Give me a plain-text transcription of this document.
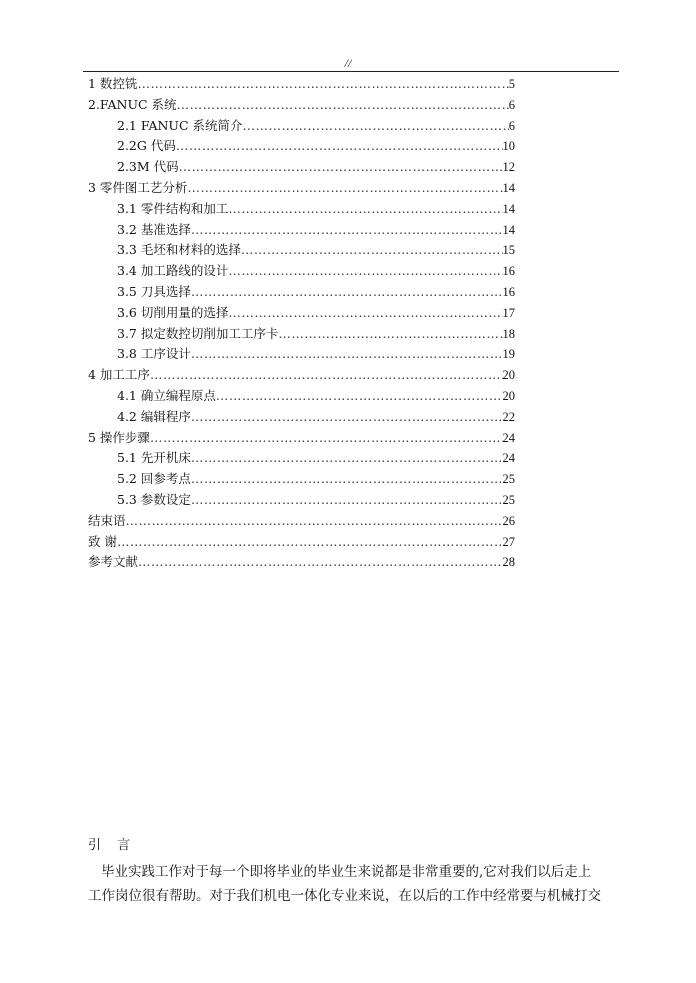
//
1 数控铣 ………………………………………………………………………………………………………………………………………………………………	5
2.FANUC 系统 ………………………………………………………………………………………………………………………………………………………………	6
2.1 FANUC 系统简介 ………………………………………………………………………………………………………………………………………………………………	6
2.2G 代码 ………………………………………………………………………………………………………………………………………………………………	10
2.3M 代码 ………………………………………………………………………………………………………………………………………………………………	12
3 零件图工艺分析 ………………………………………………………………………………………………………………………………………………………………	14
3.1 零件结构和加工 ………………………………………………………………………………………………………………………………………………………………	14
3.2 基准选择 ………………………………………………………………………………………………………………………………………………………………	14
3.3 毛坯和材料的选择 ………………………………………………………………………………………………………………………………………………………………	15
3.4 加工路线的设计 ………………………………………………………………………………………………………………………………………………………………	16
3.5 刀具选择 ………………………………………………………………………………………………………………………………………………………………	16
3.6 切削用量的选择 ………………………………………………………………………………………………………………………………………………………………	17
3.7 拟定数控切削加工工序卡 ………………………………………………………………………………………………………………………………………………………………	18
3.8 工序设计 ………………………………………………………………………………………………………………………………………………………………	19
4 加工工序 ………………………………………………………………………………………………………………………………………………………………	20
4.1 确立编程原点 ………………………………………………………………………………………………………………………………………………………………	20
4.2 编辑程序 ………………………………………………………………………………………………………………………………………………………………	22
5 操作步骤 ………………………………………………………………………………………………………………………………………………………………	24
5.1 先开机床 ………………………………………………………………………………………………………………………………………………………………	24
5.2 回参考点 ………………………………………………………………………………………………………………………………………………………………	25
5.3 参数设定 ………………………………………………………………………………………………………………………………………………………………	25
结束语 ………………………………………………………………………………………………………………………………………………………………	26
致 谢 ………………………………………………………………………………………………………………………………………………………………	27
参考文献 ………………………………………………………………………………………………………………………………………………………………	28
引 言
毕业实践工作对于每一个即将毕业的毕业生来说都是非常重要的,它对我们以后走上
工作岗位很有帮助。对于我们机电一体化专业来说，在以后的工作中经常要与机械打交
